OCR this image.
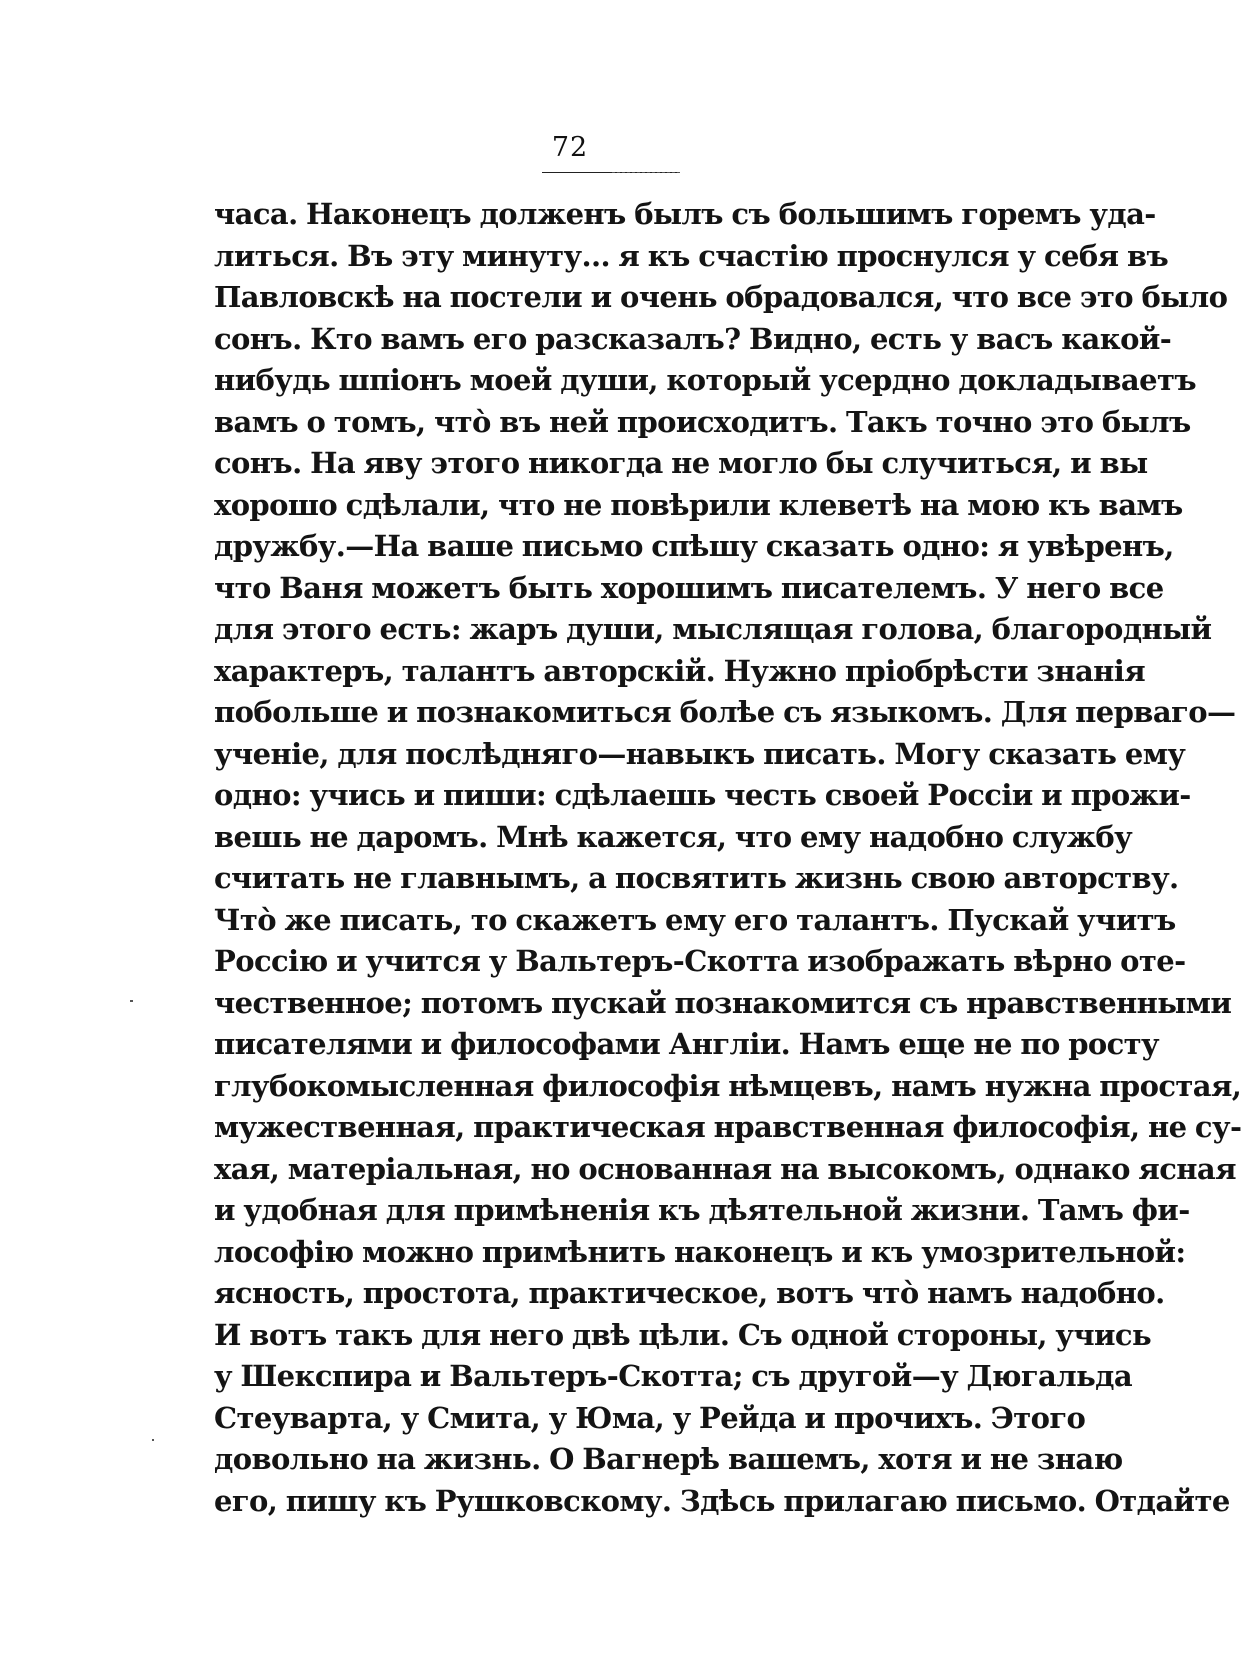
72
часа. Наконецъ долженъ былъ съ большимъ горемъ уда-
литься. Въ эту минуту... я къ счастію проснулся у себя въ
Павловскѣ на постели и очень обрадовался, что все это было
сонъ. Кто вамъ его разсказалъ? Видно, есть у васъ какой-
нибудь шпіонъ моей души, который усердно докладываетъ
вамъ о томъ, что̀ въ ней происходитъ. Такъ точно это былъ
сонъ. На яву этого никогда не могло бы случиться, и вы
хорошо сдѣлали, что не повѣрили клеветѣ на мою къ вамъ
дружбу.—На ваше письмо спѣшу сказать одно: я увѣренъ,
что Ваня можетъ быть хорошимъ писателемъ. У него все
для этого есть: жаръ души, мыслящая голова, благородный
характеръ, талантъ авторскій. Нужно пріобрѣсти знанія
побольше и познакомиться болѣе съ языкомъ. Для перваго—
ученіе, для послѣдняго—навыкъ писать. Могу сказать ему
одно: учись и пиши: сдѣлаешь честь своей Россіи и прожи-
вешь не даромъ. Мнѣ кажется, что ему надобно службу
считать не главнымъ, а посвятить жизнь свою авторству.
Что̀ же писать, то скажетъ ему его талантъ. Пускай учитъ
Россію и учится у Вальтеръ-Скотта изображать вѣрно оте-
чественное; потомъ пускай познакомится съ нравственными
писателями и философами Англіи. Намъ еще не по росту
глубокомысленная философія нѣмцевъ, намъ нужна простая,
мужественная, практическая нравственная философія, не су-
хая, матеріальная, но основанная на высокомъ, однако ясная
и удобная для примѣненія къ дѣятельной жизни. Тамъ фи-
лософію можно примѣнить наконецъ и къ умозрительной:
ясность, простота, практическое, вотъ что̀ намъ надобно.
И вотъ такъ для него двѣ цѣли. Съ одной стороны, учись
у Шекспира и Вальтеръ-Скотта; съ другой—у Дюгальда
Стеуварта, у Смита, у Юма, у Рейда и прочихъ. Этого
довольно на жизнь. О Вагнерѣ вашемъ, хотя и не знаю
его, пишу къ Рушковскому. Здѣсь прилагаю письмо. Отдайте
